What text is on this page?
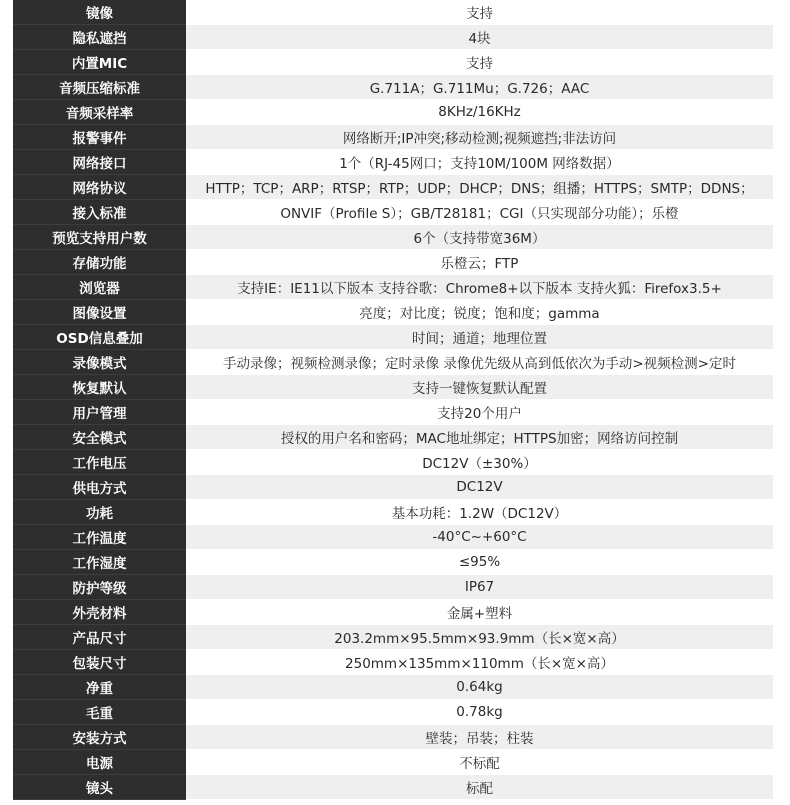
镜像	支持
隐私遮挡	4块
内置MIC	支持
音频压缩标准	G.711A；G.711Mu；G.726；AAC
音频采样率	8KHz/16KHz
报警事件	网络断开;IP冲突;移动检测;视频遮挡;非法访问
网络接口	1个（RJ-45网口；支持10M/100M 网络数据）
网络协议	HTTP；TCP；ARP；RTSP；RTP；UDP；DHCP；DNS；组播；HTTPS；SMTP；DDNS；
接入标准	ONVIF（Profile S）；GB/T28181；CGI（只实现部分功能）；乐橙
预览支持用户数	6个（支持带宽36M）
存储功能	乐橙云；FTP
浏览器	支持IE：IE11以下版本 支持谷歌：Chrome8+以下版本 支持火狐：Firefox3.5+
图像设置	亮度；对比度；锐度；饱和度；gamma
OSD信息叠加	时间；通道；地理位置
录像模式	手动录像；视频检测录像；定时录像 录像优先级从高到低依次为手动>视频检测>定时
恢复默认	支持一键恢复默认配置
用户管理	支持20个用户
安全模式	授权的用户名和密码；MAC地址绑定；HTTPS加密；网络访问控制
工作电压	DC12V（±30%）
供电方式	DC12V
功耗	基本功耗：1.2W（DC12V）
工作温度	-40°C~+60°C
工作湿度	≤95%
防护等级	IP67
外壳材料	金属+塑料
产品尺寸	203.2mm×95.5mm×93.9mm（长×宽×高）
包装尺寸	250mm×135mm×110mm（长×宽×高）
净重	0.64kg
毛重	0.78kg
安装方式	壁装；吊装；柱装
电源	不标配
镜头	标配
